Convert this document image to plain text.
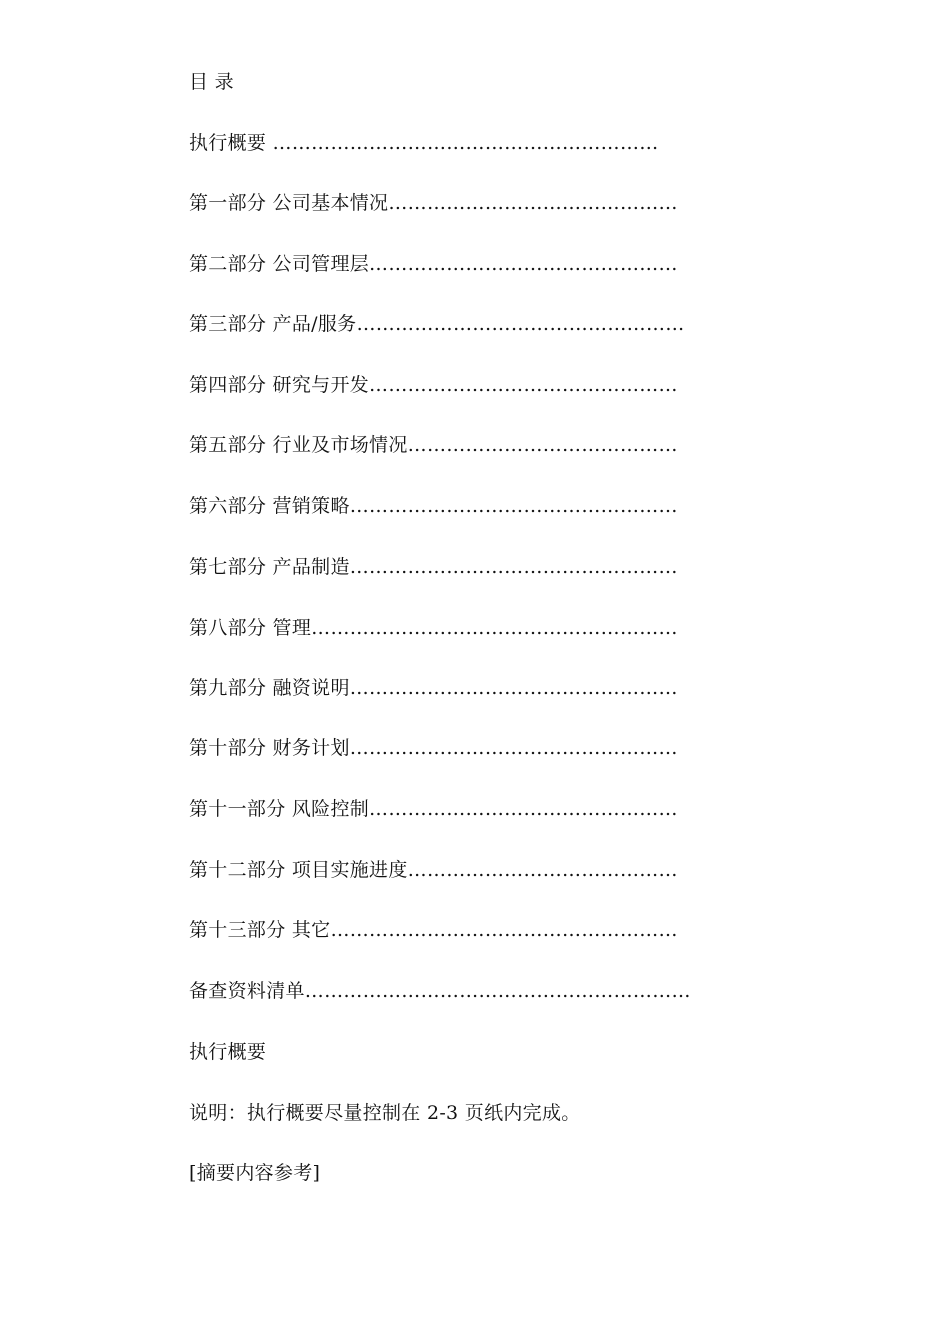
目 录
执行概要 ……………………………………………………
第一部分 公司基本情况………………………………………
第二部分 公司管理层…………………………………………
第三部分 产品/服务……………………………………………
第四部分 研究与开发…………………………………………
第五部分 行业及市场情况……………………………………
第六部分 营销策略……………………………………………
第七部分 产品制造……………………………………………
第八部分 管理…………………………………………………
第九部分 融资说明……………………………………………
第十部分 财务计划……………………………………………
第十一部分 风险控制…………………………………………
第十二部分 项目实施进度……………………………………
第十三部分 其它………………………………………………
备查资料清单……………………………………………………
执行概要
说明：执行概要尽量控制在 2-3 页纸内完成。
[摘要内容参考]
